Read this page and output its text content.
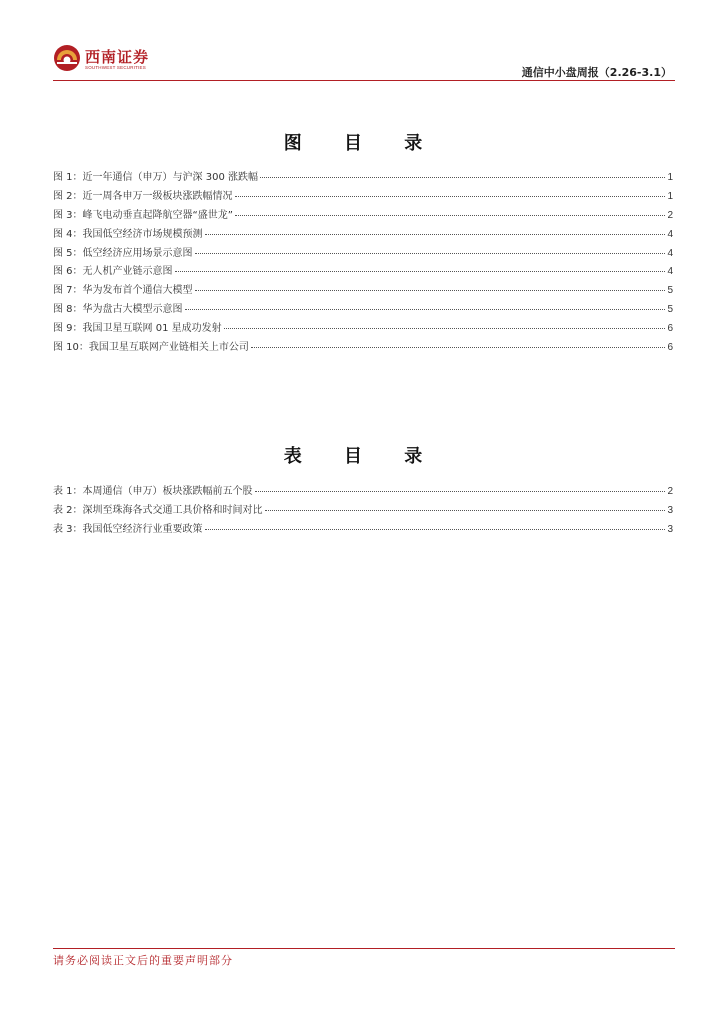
西南证券
SOUTHWEST SECURITIES	通信中小盘周报（2.26-3.1）
图 目 录
图 1：近一年通信（申万）与沪深 300 涨跌幅	1
图 2：近一周各申万一级板块涨跌幅情况	1
图 3：峰飞电动垂直起降航空器“盛世龙”	2
图 4：我国低空经济市场规模预测	4
图 5：低空经济应用场景示意图	4
图 6：无人机产业链示意图	4
图 7：华为发布首个通信大模型	5
图 8：华为盘古大模型示意图	5
图 9：我国卫星互联网 01 星成功发射	6
图 10：我国卫星互联网产业链相关上市公司	6
表 目 录
表 1：本周通信（申万）板块涨跌幅前五个股	2
表 2：深圳至珠海各式交通工具价格和时间对比	3
表 3：我国低空经济行业重要政策	3
请务必阅读正文后的重要声明部分
